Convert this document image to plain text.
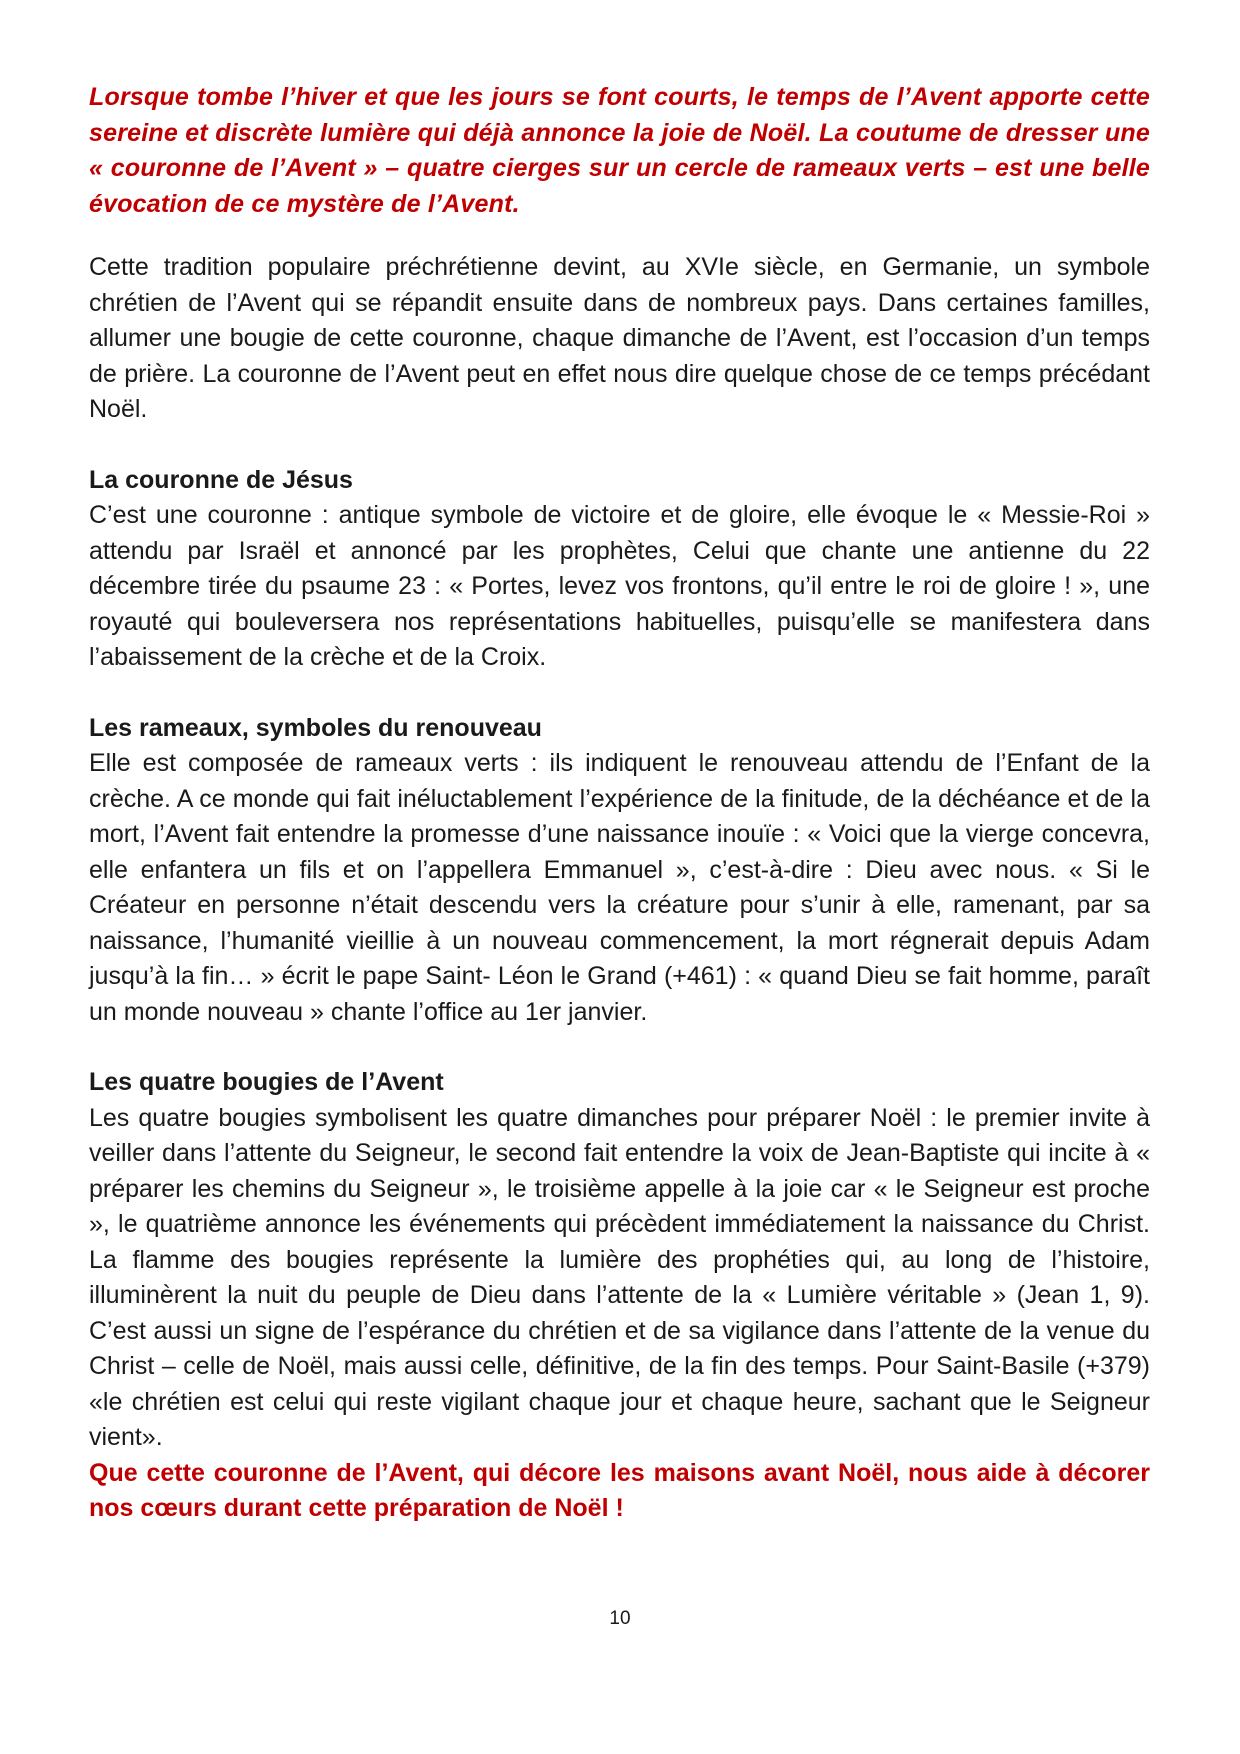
Lorsque tombe l’hiver et que les jours se font courts, le temps de l’Avent apporte cette sereine et discrète lumière qui déjà annonce la joie de Noël. La coutume de dresser une « couronne de l’Avent » – quatre cierges sur un cercle de rameaux verts – est une belle évocation de ce mystère de l’Avent.

Cette tradition populaire préchrétienne devint, au XVIe siècle, en Germanie, un symbole chrétien de l’Avent qui se répandit ensuite dans de nombreux pays. Dans certaines familles, allumer une bougie de cette couronne, chaque dimanche de l’Avent, est l’occasion d’un temps de prière. La couronne de l’Avent peut en effet nous dire quelque chose de ce temps précédant Noël.

La couronne de Jésus

C’est une couronne : antique symbole de victoire et de gloire, elle évoque le « Messie-Roi » attendu par Israël et annoncé par les prophètes, Celui que chante une antienne du 22 décembre tirée du psaume 23 : « Portes, levez vos frontons, qu’il entre le roi de gloire ! », une royauté qui bouleversera nos représentations habituelles, puisqu’elle se manifestera dans l’abaissement de la crèche et de la Croix.

Les rameaux, symboles du renouveau

Elle est composée de rameaux verts : ils indiquent le renouveau attendu de l’Enfant de la crèche. A ce monde qui fait inéluctablement l’expérience de la finitude, de la déchéance et de la mort, l’Avent fait entendre la promesse d’une naissance inouïe : « Voici que la vierge concevra, elle enfantera un fils et on l’appellera Emmanuel », c’est-à-dire : Dieu avec nous. « Si le Créateur en personne n’était descendu vers la créature pour s’unir à elle, ramenant, par sa naissance, l’humanité vieillie à un nouveau commencement, la mort régnerait depuis Adam jusqu’à la fin… » écrit le pape Saint- Léon le Grand (+461) : « quand Dieu se fait homme, paraît un monde nouveau » chante l’office au 1er janvier.

Les quatre bougies de l’Avent

Les quatre bougies symbolisent les quatre dimanches pour préparer Noël : le premier invite à veiller dans l’attente du Seigneur, le second fait entendre la voix de Jean-Baptiste qui incite à « préparer les chemins du Seigneur », le troisième appelle à la joie car « le Seigneur est proche », le quatrième annonce les événements qui précèdent immédiatement la naissance du Christ.

La flamme des bougies représente la lumière des prophéties qui, au long de l’histoire, illuminèrent la nuit du peuple de Dieu dans l’attente de la « Lumière véritable » (Jean 1, 9). C’est aussi un signe de l’espérance du chrétien et de sa vigilance dans l’attente de la venue du Christ – celle de Noël, mais aussi celle, définitive, de la fin des temps. Pour Saint-Basile (+379) «le chrétien est celui qui reste vigilant chaque jour et chaque heure, sachant que le Seigneur vient».

Que cette couronne de l’Avent, qui décore les maisons avant Noël, nous aide à décorer nos cœurs durant cette préparation de Noël !

10
